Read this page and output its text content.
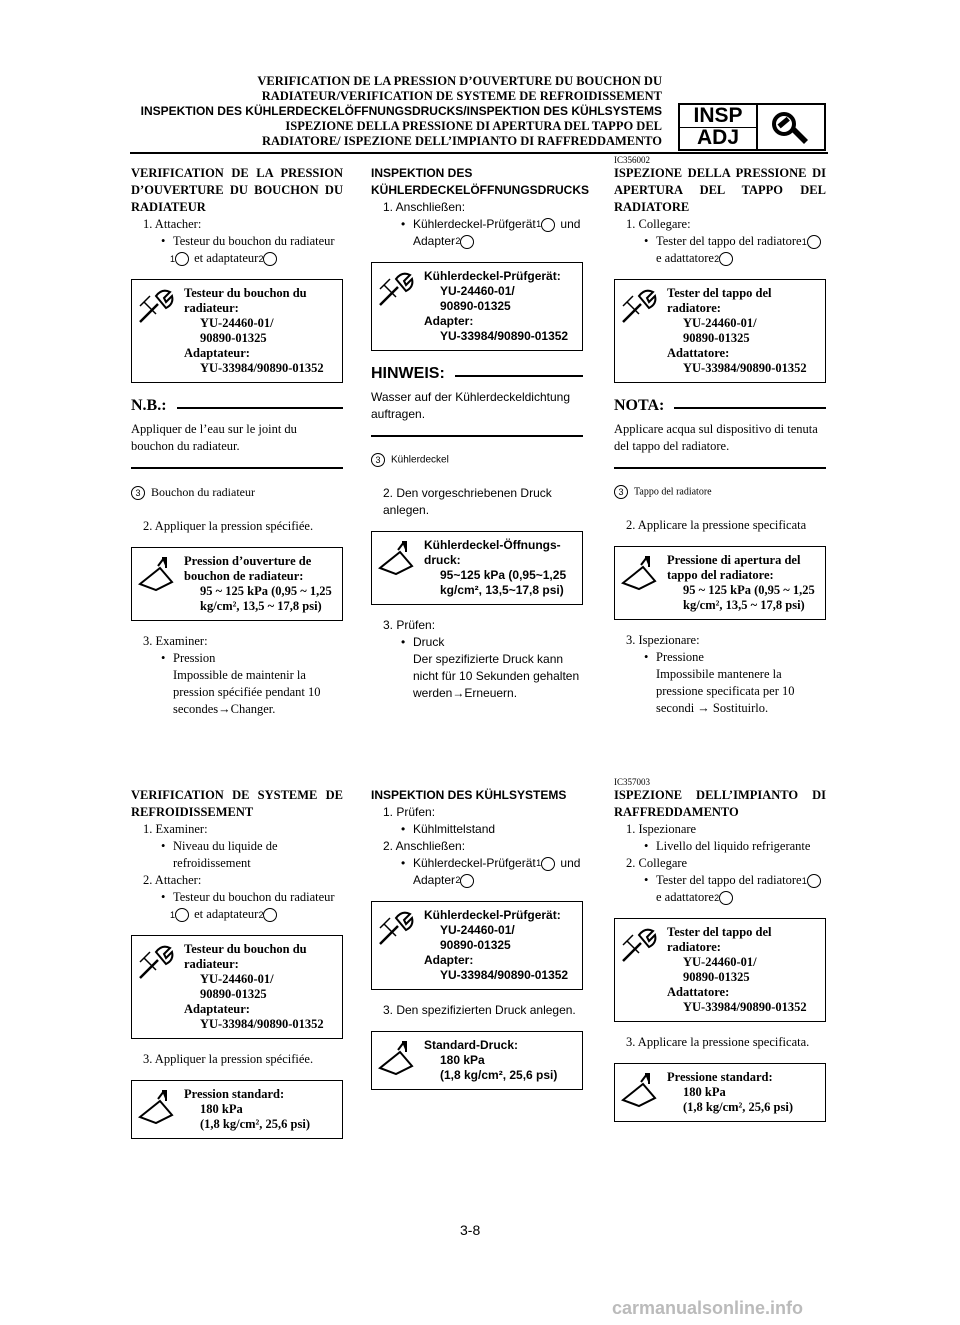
VERIFICATION DE LA PRESSION D’OUVERTURE DU BOUCHON DU
RADIATEUR/VERIFICATION DE SYSTEME DE REFROIDISSEMENT
INSPEKTION DES KÜHLERDECKELÖFFNUNGSDRUCKS/INSPEKTION DES KÜHLSYSTEMS
ISPEZIONE DELLA PRESSIONE DI APERTURA DEL TAPPO DEL
RADIATORE/ ISPEZIONE DELL’IMPIANTO DI RAFFREDDAMENTO
INSP
ADJ
IC356002
IC357003

VERIFICATION DE LA PRESSION D’OUVERTURE DU BOUCHON DU RADIATEUR

1. Attacher:

• Testeur du bouchon du radiateur
1 et adaptateur 2

Testeur du bouchon du
radiateur:

YU-24460-01/
90890-01325
Adaptateur:

YU-33984/90890-01352
N.B.:

Appliquer de l’eau sur le joint du bouchon du radiateur.

3 Bouchon du radiateur

2. Appliquer la pression spécifiée.

Pression d’ouverture de
bouchon de radiateur:

95 ~ 125 kPa (0,95 ~ 1,25
kg/cm², 13,5 ~ 17,8 psi)

3. Examiner:

• Pression

Impossible de maintenir la pression spécifiée pendant 10 secondes→Changer.

INSPEKTION DES KÜHLERDECKELÖFFNUNGSDRUCKS

1. Anschließen:

• Kühlerdeckel-Prüfgerät 1 und
Adapter 2

Kühlerdeckel-Prüfgerät:

YU-24460-01/
90890-01325
Adapter:

YU-33984/90890-01352
HINWEIS:

Wasser auf der Kühlerdeckeldichtung auftragen.

3 Kühlerdeckel

2. Den vorgeschriebenen Druck anlegen.

Kühlerdeckel-Öffnungs-
druck:

95~125 kPa (0,95~1,25
kg/cm², 13,5~17,8 psi)

3. Prüfen:

• Druck

Der spezifizierte Druck kann nicht für 10 Sekunden gehalten werden→Erneuern.

ISPEZIONE DELLA PRESSIONE DI APERTURA DEL TAPPO DEL RADIATORE

1. Collegare:

• Tester del tappo del radiatore 1
e adattatore 2

Tester del tappo del
radiatore:

YU-24460-01/
90890-01325
Adattatore:

YU-33984/90890-01352
NOTA:

Applicare acqua sul dispositivo di tenuta del tappo del radiatore.

3 Tappo del radiatore

2. Applicare la pressione specificata

Pressione di apertura del
tappo del radiatore:

95 ~ 125 kPa (0,95 ~ 1,25
kg/cm², 13,5 ~ 17,8 psi)

3. Ispezionare:

• Pressione

Impossibile mantenere la pressione specificata per 10 secondi → Sostituirlo.

VERIFICATION DE SYSTEME DE REFROIDISSEMENT

1. Examiner:

• Niveau du liquide de refroidissement

2. Attacher:

• Testeur du bouchon du radiateur
1 et adaptateur 2

Testeur du bouchon du
radiateur:

YU-24460-01/
90890-01325
Adaptateur:

YU-33984/90890-01352

3. Appliquer la pression spécifiée.

Pression standard:

180 kPa
(1,8 kg/cm², 25,6 psi)

INSPEKTION DES KÜHLSYSTEMS

1. Prüfen:

• Kühlmittelstand

2. Anschließen:

• Kühlerdeckel-Prüfgerät 1 und
Adapter 2

Kühlerdeckel-Prüfgerät:

YU-24460-01/
90890-01325
Adapter:

YU-33984/90890-01352

3. Den spezifizierten Druck anlegen.

Standard-Druck:

180 kPa
(1,8 kg/cm², 25,6 psi)

ISPEZIONE DELL’IMPIANTO DI RAFFREDDAMENTO

1. Ispezionare

• Livello del liquido refrigerante

2. Collegare

• Tester del tappo del radiatore 1
e adattatore 2

Tester del tappo del
radiatore:

YU-24460-01/
90890-01325
Adattatore:

YU-33984/90890-01352

3. Applicare la pressione specificata.

Pressione standard:

180 kPa
(1,8 kg/cm², 25,6 psi)
3-8
carmanualsonline.info
